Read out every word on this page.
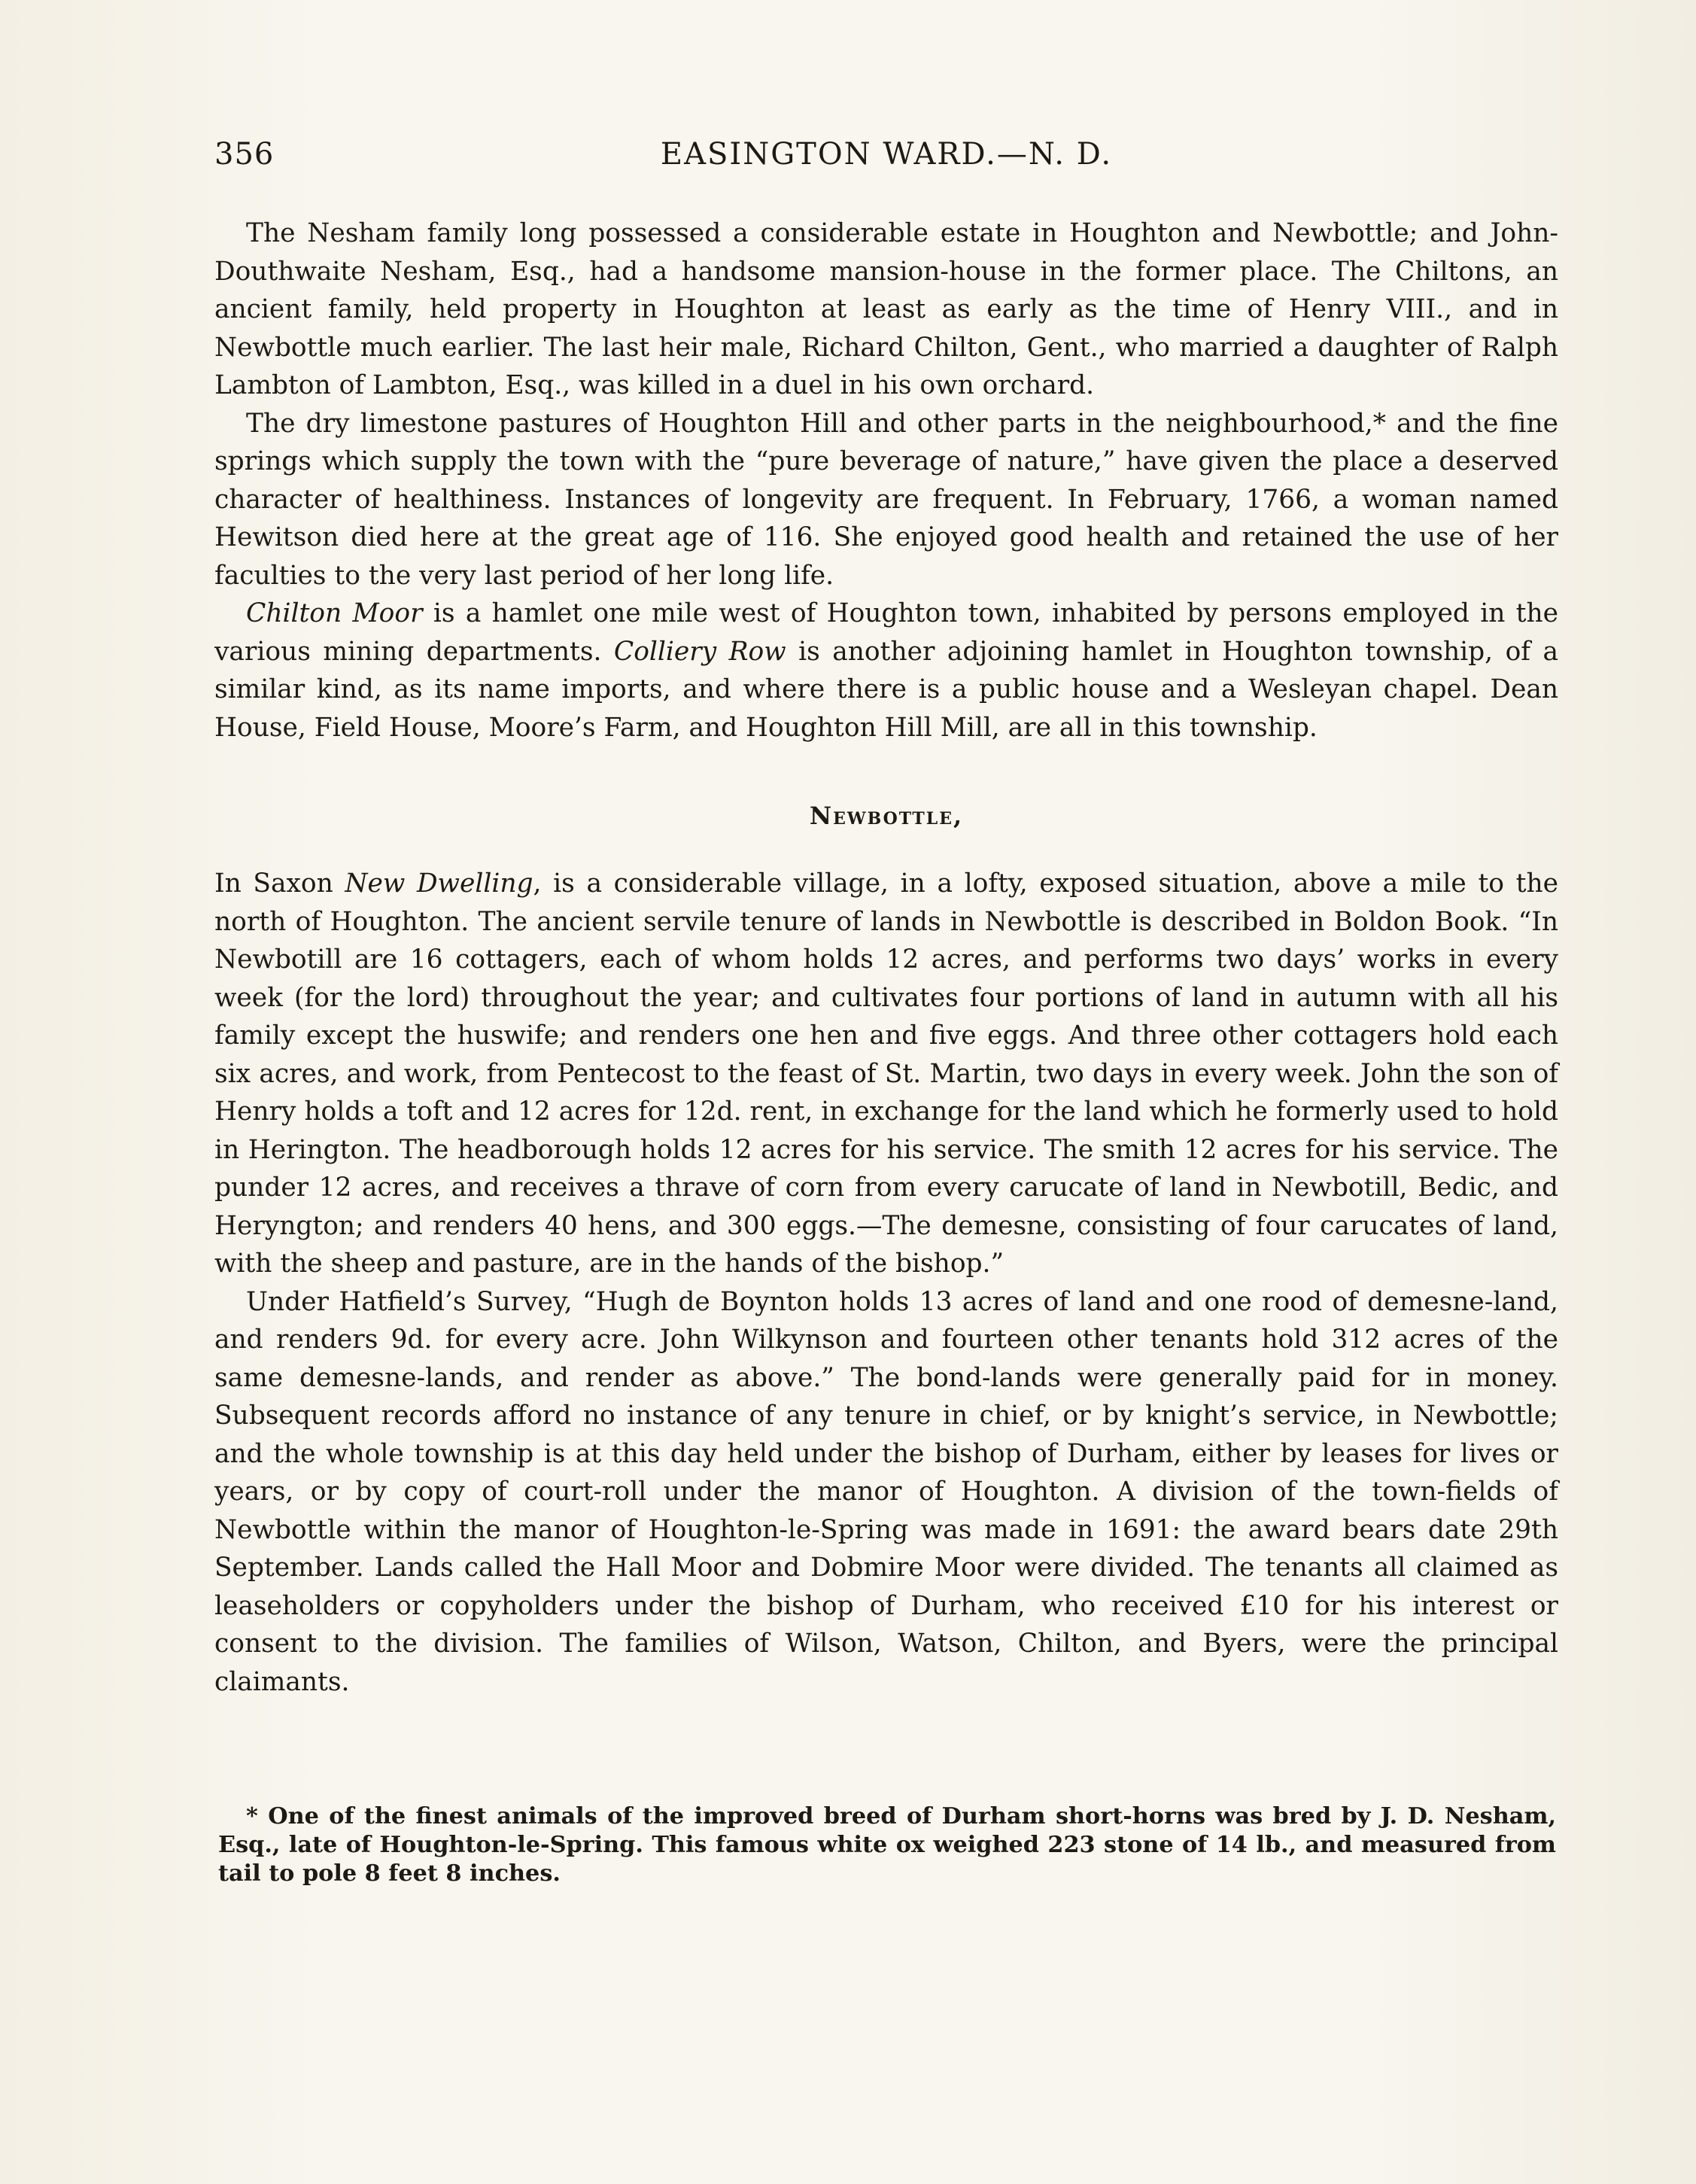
356	EASINGTON WARD.—N. D.

The Nesham family long possessed a considerable estate in Houghton and Newbottle; and John-Douthwaite Nesham, Esq., had a handsome mansion-house in the former place. The Chiltons, an ancient family, held property in Houghton at least as early as the time of Henry VIII., and in Newbottle much earlier. The last heir male, Richard Chilton, Gent., who married a daughter of Ralph Lambton of Lambton, Esq., was killed in a duel in his own orchard.

The dry limestone pastures of Houghton Hill and other parts in the neighbourhood,* and the fine springs which supply the town with the “pure beverage of nature,” have given the place a deserved character of healthiness. Instances of longevity are frequent. In February, 1766, a woman named Hewitson died here at the great age of 116. She enjoyed good health and retained the use of her faculties to the very last period of her long life.

Chilton Moor is a hamlet one mile west of Houghton town, inhabited by persons employed in the various mining departments. Colliery Row is another adjoining hamlet in Houghton township, of a similar kind, as its name imports, and where there is a public house and a Wesleyan chapel. Dean House, Field House, Moore’s Farm, and Houghton Hill Mill, are all in this township.

Newbottle,

In Saxon New Dwelling, is a considerable village, in a lofty, exposed situation, above a mile to the north of Houghton. The ancient servile tenure of lands in Newbottle is described in Boldon Book. “In Newbotill are 16 cottagers, each of whom holds 12 acres, and performs two days’ works in every week (for the lord) throughout the year; and cultivates four portions of land in autumn with all his family except the huswife; and renders one hen and five eggs. And three other cottagers hold each six acres, and work, from Pentecost to the feast of St. Martin, two days in every week. John the son of Henry holds a toft and 12 acres for 12d. rent, in exchange for the land which he formerly used to hold in Herington. The headborough holds 12 acres for his service. The smith 12 acres for his service. The punder 12 acres, and receives a thrave of corn from every carucate of land in Newbotill, Bedic, and Heryngton; and renders 40 hens, and 300 eggs.—The demesne, consisting of four carucates of land, with the sheep and pasture, are in the hands of the bishop.”

Under Hatfield’s Survey, “Hugh de Boynton holds 13 acres of land and one rood of demesne-land, and renders 9d. for every acre. John Wilkynson and fourteen other tenants hold 312 acres of the same demesne-lands, and render as above.” The bond-lands were generally paid for in money. Subsequent records afford no instance of any tenure in chief, or by knight’s service, in Newbottle; and the whole township is at this day held under the bishop of Durham, either by leases for lives or years, or by copy of court-roll under the manor of Houghton. A division of the town-fields of Newbottle within the manor of Houghton-le-Spring was made in 1691: the award bears date 29th September. Lands called the Hall Moor and Dobmire Moor were divided. The tenants all claimed as leaseholders or copyholders under the bishop of Durham, who received £10 for his interest or consent to the division. The families of Wilson, Watson, Chilton, and Byers, were the principal claimants.

* One of the finest animals of the improved breed of Durham short-horns was bred by J. D. Nesham, Esq., late of Houghton-le-Spring. This famous white ox weighed 223 stone of 14 lb., and measured from tail to pole 8 feet 8 inches.
